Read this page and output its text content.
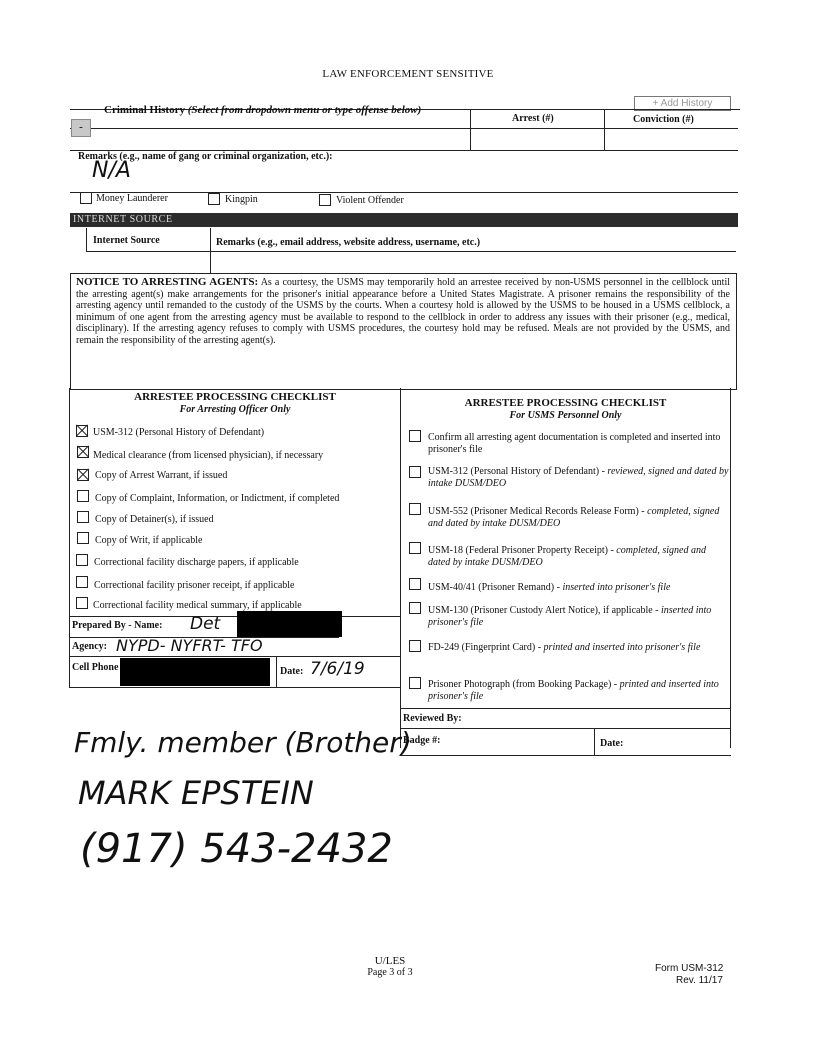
LAW ENFORCEMENT SENSITIVE
+ Add History
Criminal History (Select from dropdown menu or type offense below)
Arrest (#)	Conviction (#)
-
Remarks (e.g., name of gang or criminal organization, etc.):
N/A
Money Launderer	Kingpin	Violent Offender
INTERNET SOURCE
Internet Source	Remarks (e.g., email address, website address, username, etc.)
NOTICE TO ARRESTING AGENTS: As a courtesy, the USMS may temporarily hold an arrestee received by non-USMS personnel in the cellblock until the arresting agent(s) make arrangements for the prisoner's initial appearance before a United States Magistrate. A prisoner remains the responsibility of the arresting agency until remanded to the custody of the USMS by the courts. When a courtesy hold is allowed by the USMS to be housed in a USMS cellblock, a minimum of one agent from the arresting agency must be available to respond to the cellblock in order to address any issues with their prisoner (e.g., medical, disciplinary). If the arresting agency refuses to comply with USMS procedures, the courtesy hold may be refused. Meals are not provided by the USMS, and remain the responsibility of the arresting agent(s).
ARRESTEE PROCESSING CHECKLIST
For Arresting Officer Only
USM-312 (Personal History of Defendant)
Medical clearance (from licensed physician), if necessary
Copy of Arrest Warrant, if issued
Copy of Complaint, Information, or Indictment, if completed
Copy of Detainer(s), if issued
Copy of Writ, if applicable
Correctional facility discharge papers, if applicable
Correctional facility prisoner receipt, if applicable
Correctional facility medical summary, if applicable
Prepared By - Name: Det
Agency: NYPD- NYFRT- TFO
Cell Phone	Date: 7/6/19
ARRESTEE PROCESSING CHECKLIST
For USMS Personnel Only
Confirm all arresting agent documentation is completed and inserted into prisoner's file
USM-312 (Personal History of Defendant) - reviewed, signed and dated by intake DUSM/DEO
USM-552 (Prisoner Medical Records Release Form) - completed, signed and dated by intake DUSM/DEO
USM-18 (Federal Prisoner Property Receipt) - completed, signed and dated by intake DUSM/DEO
USM-40/41 (Prisoner Remand) - inserted into prisoner's file
USM-130 (Prisoner Custody Alert Notice), if applicable - inserted into prisoner's file
FD-249 (Fingerprint Card) - printed and inserted into prisoner's file
Prisoner Photograph (from Booking Package) - printed and inserted into prisoner's file
Reviewed By:
Badge #:	Date:
Fmly. member (Brother)
MARK EPSTEIN
(917) 543-2432
U/LES
Page 3 of 3	Form USM-312
Rev. 11/17
